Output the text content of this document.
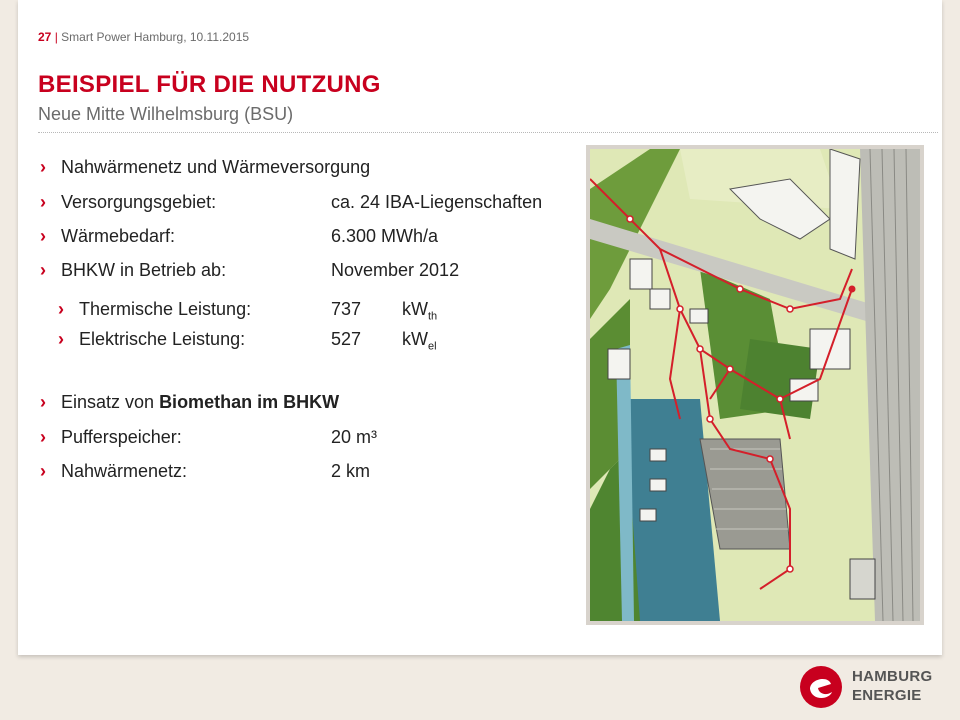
27 | Smart Power Hamburg, 10.11.2015
BEISPIEL FÜR DIE NUTZUNG
Neue Mitte Wilhelmsburg (BSU)
› Nahwärmenetz und Wärmeversorgung
› Versorgungsgebiet:	ca. 24 IBA-Liegenschaften
› Wärmebedarf:	6.300 MWh/a
› BHKW in Betrieb ab:	November 2012
› Thermische Leistung:	737 $kW_{th}$
› Elektrische Leistung:	527 $kW_{el}$
› Einsatz von Biomethan im BHKW
› Pufferspeicher:	20 m³
› Nahwärmenetz:	2 km
HAMBURG
ENERGIE
